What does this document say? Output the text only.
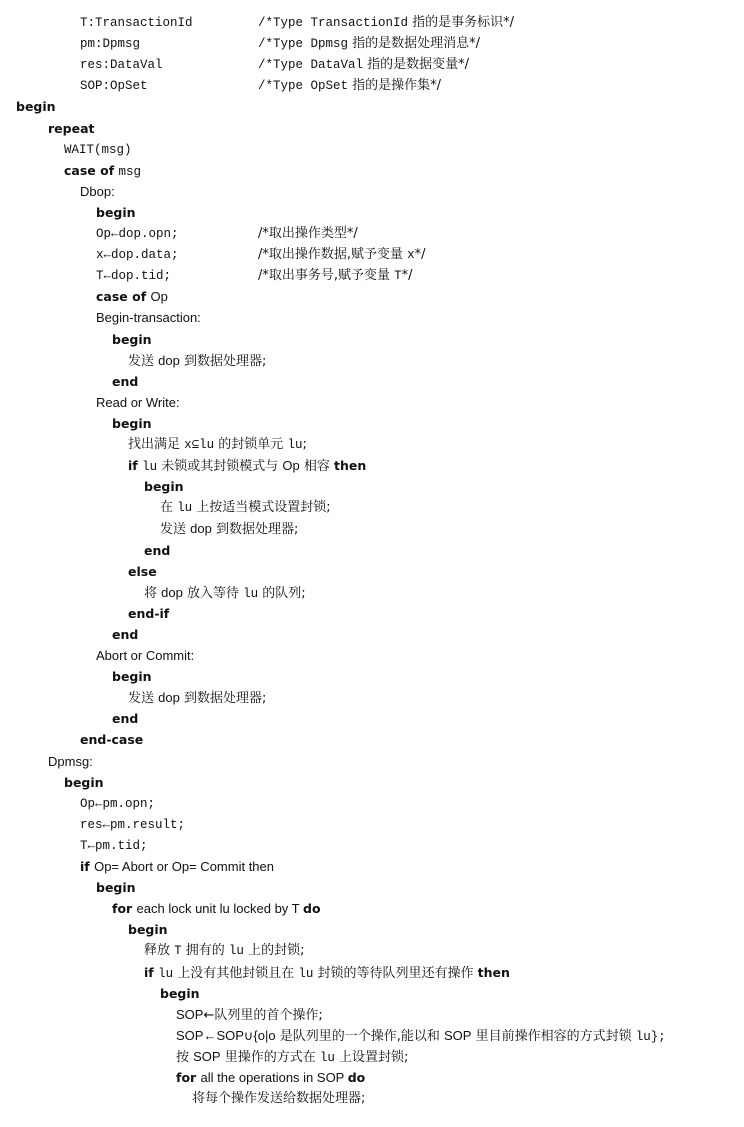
T:TransactionId	/*Type TransactionId 指的是事务标识*/
pm:Dpmsg	/*Type Dpmsg 指的是数据处理消息*/
res:DataVal	/*Type DataVal 指的是数据变量*/
SOP:OpSet	/*Type OpSet 指的是操作集*/
begin
repeat
WAIT(msg)
case of msg
Dbop:
begin
Op←dop.opn;	/*取出操作类型*/
x←dop.data;	/*取出操作数据,赋予变量 x*/
T←dop.tid;	/*取出事务号,赋予变量 T*/
case of Op
Begin-transaction:
begin
发送 dop 到数据处理器;
end
Read or Write:
begin
找出满足 x⊆lu 的封锁单元 lu;
if lu 未锁或其封锁模式与 Op 相容 then
begin
在 lu 上按适当模式设置封锁;
发送 dop 到数据处理器;
end
else
将 dop 放入等待 lu 的队列;
end-if
end
Abort or Commit:
begin
发送 dop 到数据处理器;
end
end-case
Dpmsg:
begin
Op←pm.opn;
res←pm.result;
T←pm.tid;
if Op= Abort or Op= Commit then
begin
for each lock unit lu locked by T do
begin
释放 T 拥有的 lu 上的封锁;
if lu 上没有其他封锁且在 lu 封锁的等待队列里还有操作 then
begin
SOP←队列里的首个操作;
SOP←SOP∪{o|o 是队列里的一个操作,能以和 SOP 里目前操作相容的方式封锁 lu};
按 SOP 里操作的方式在 lu 上设置封锁;
for all the operations in SOP do
将每个操作发送给数据处理器;
